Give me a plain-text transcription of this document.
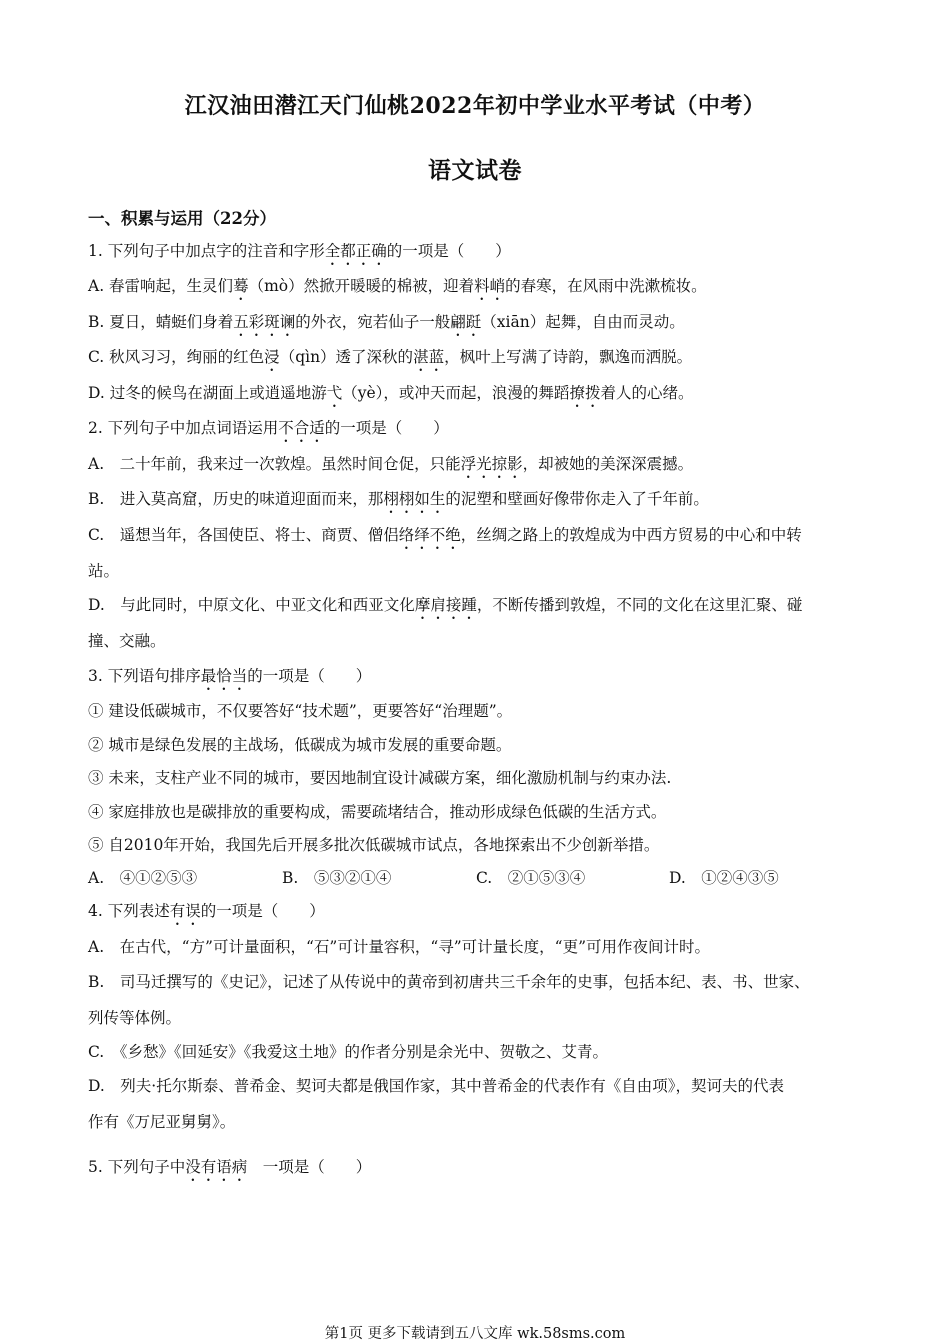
江汉油田潜江天门仙桃2022年初中学业水平考试（中考）
语文试卷
一、积累与运用（22分）
1. 下列句子中加点字的注音和字形全都正确的一项是（　　）
A. 春雷响起，生灵们蓦（mò）然掀开暖暖的棉被，迎着料峭的春寒，在风雨中洗漱梳妆。
B. 夏日，蜻蜓们身着五彩斑谰的外衣，宛若仙子一般翩跹（xiān）起舞，自由而灵动。
C. 秋风习习，绚丽的红色浸（qìn）透了深秋的湛蓝，枫叶上写满了诗韵，飘逸而洒脱。
D. 过冬的候鸟在湖面上或逍遥地游弋（yè），或冲天而起，浪漫的舞蹈撩拨着人的心绪。
2. 下列句子中加点词语运用不合适的一项是（　　）
A.　二十年前，我来过一次敦煌。虽然时间仓促，只能浮光掠影，却被她的美深深震撼。
B.　进入莫高窟，历史的味道迎面而来，那栩栩如生的泥塑和壁画好像带你走入了千年前。
C.　遥想当年，各国使臣、将士、商贾、僧侣络绎不绝，丝绸之路上的敦煌成为中西方贸易的中心和中转
站。
D.　与此同时，中原文化、中亚文化和西亚文化摩肩接踵，不断传播到敦煌，不同的文化在这里汇聚、碰
撞、交融。
3. 下列语句排序最恰当的一项是（　　）
① 建设低碳城市，不仅要答好“技术题”，更要答好“治理题”。
② 城市是绿色发展的主战场，低碳成为城市发展的重要命题。
③ 未来，支柱产业不同的城市，要因地制宜设计减碳方案，细化激励机制与约束办法.
④ 家庭排放也是碳排放的重要构成，需要疏堵结合，推动形成绿色低碳的生活方式。
⑤ 自2010年开始，我国先后开展多批次低碳城市试点，各地探索出不少创新举措。
A.　④①②⑤③	B.　⑤③②①④	C.　②①⑤③④	D.　①②④③⑤
4. 下列表述有误的一项是（　　）
A.　在古代，“方”可计量面积，“石”可计量容积，“寻”可计量长度，“更”可用作夜间计时。
B.　司马迁撰写的《史记》，记述了从传说中的黄帝到初唐共三千余年的史事，包括本纪、表、书、世家、
列传等体例。
C.　《乡愁》《回延安》《我爱这土地》的作者分别是余光中、贺敬之、艾青。
D.　列夫·托尔斯泰、普希金、契诃夫都是俄国作家，其中普希金的代表作有《自由项》，契诃夫的代表
作有《万尼亚舅舅》。
5. 下列句子中没有语病　一项是（　　）
第1页 更多下载请到五八文库 wk.58sms.com
